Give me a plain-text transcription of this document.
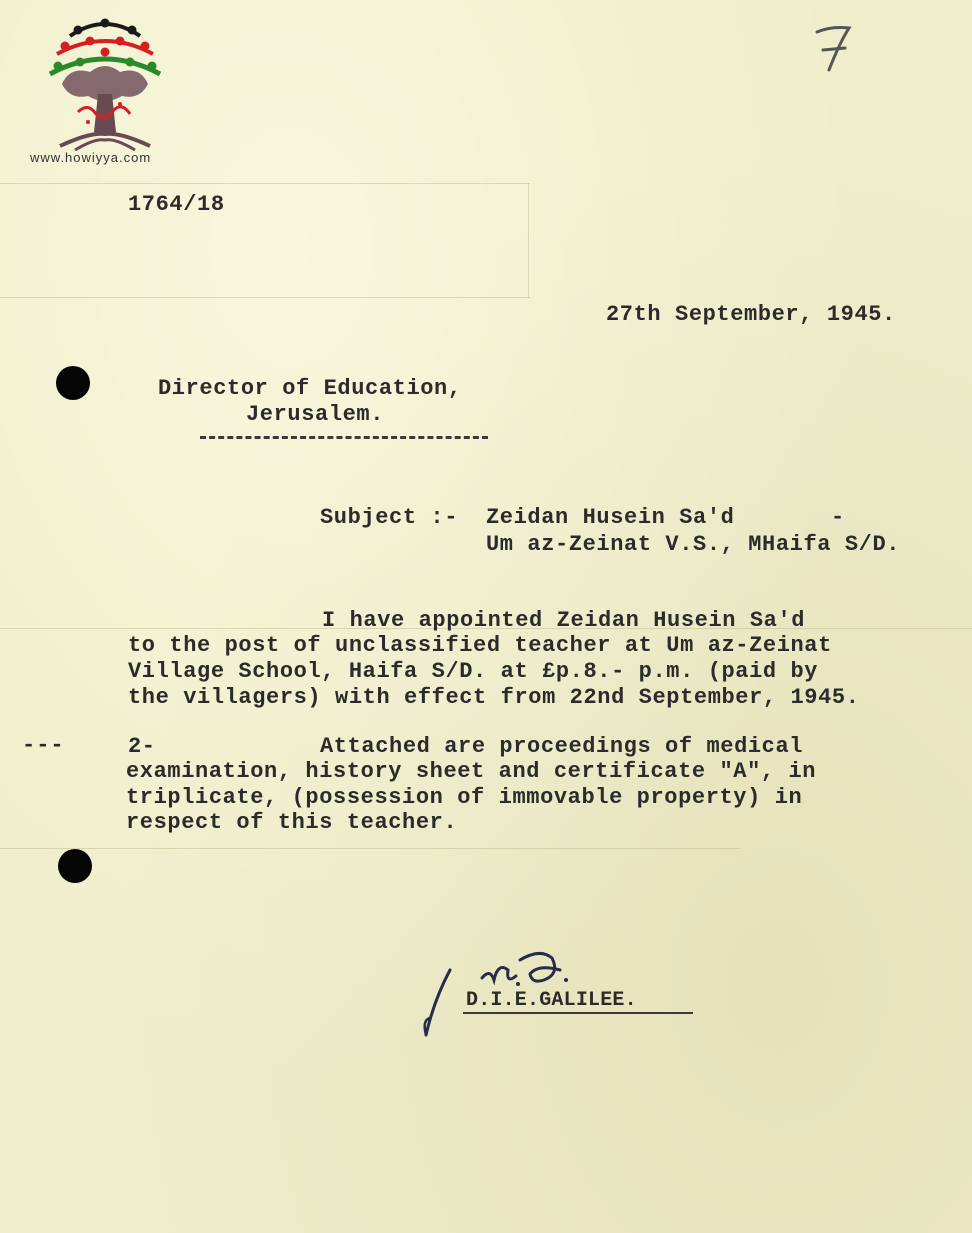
www.howiyya.com
1764/18
27th September, 1945.
Director of Education,
Jerusalem.
Subject :- Zeidan Husein Sa'd       -
Um az-Zeinat V.S., MHaifa S/D.
I have appointed Zeidan Husein Sa'd
to the post of unclassified teacher at Um az-Zeinat
Village School, Haifa S/D. at £p.8.- p.m. (paid by
the villagers) with effect from 22nd September, 1945.
---	2-	Attached are proceedings of medical
examination, history sheet and certificate "A", in
triplicate, (possession of immovable property) in
respect of this teacher.
D.I.E.GALILEE.
